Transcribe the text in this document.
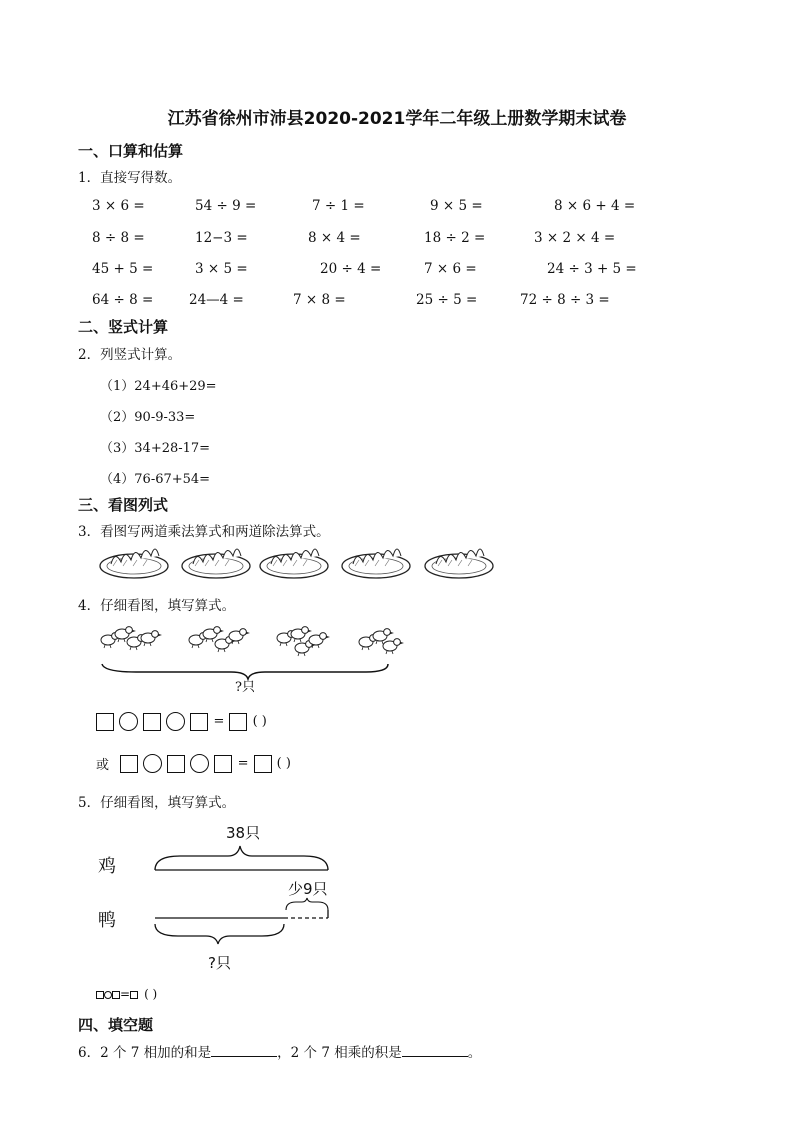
江苏省徐州市沛县2020-2021学年二年级上册数学期末试卷
一、口算和估算
1．直接写得数。
3 × 6 =	54 ÷ 9 =	7 ÷ 1 =	9 × 5 =	8 × 6 + 4 =
8 ÷ 8 =	12−3 =	8 × 4 =	18 ÷ 2 =	3 × 2 × 4 =
45 + 5 =	3 × 5 =	20 ÷ 4 =	7 × 6 =	24 ÷ 3 + 5 =
64 ÷ 8 =	24—4 =	7 × 8 =	25 ÷ 5 =	72 ÷ 8 ÷ 3 =
二、竖式计算
2．列竖式计算。
（1）24+46+29=
（2）90-9-33=
（3）34+28-17=
（4）76-67+54=
三、看图列式
3．看图写两道乘法算式和两道除法算式。
4．仔细看图，填写算式。
?只
= ( )
或	= ( )
5．仔细看图，填写算式。
38只
鸡
鸭
少9只
?只
= ( )
四、填空题
6．2 个 7 相加的和是	，2 个 7 相乘的积是	。
